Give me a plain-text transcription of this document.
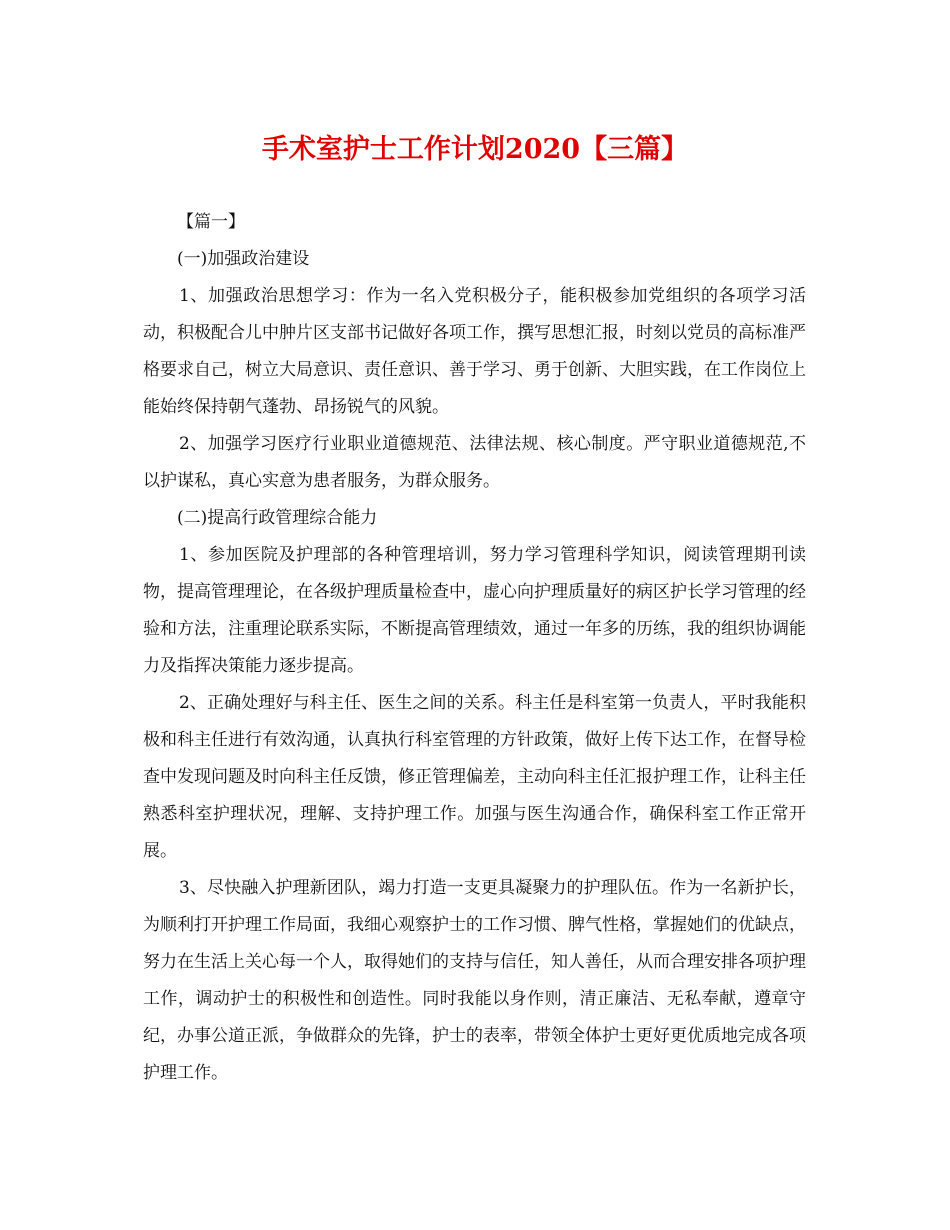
手术室护士工作计划2020【三篇】

【篇一】

(一)加强政治建设

1、加强政治思想学习：作为一名入党积极分子，能积极参加党组织的各项学习活动，积极配合儿中肿片区支部书记做好各项工作，撰写思想汇报，时刻以党员的高标准严格要求自己，树立大局意识、责任意识、善于学习、勇于创新、大胆实践，在工作岗位上能始终保持朝气蓬勃、昂扬锐气的风貌。

2、加强学习医疗行业职业道德规范、法律法规、核心制度。严守职业道德规范,不以护谋私，真心实意为患者服务，为群众服务。

(二)提高行政管理综合能力

1、参加医院及护理部的各种管理培训，努力学习管理科学知识，阅读管理期刊读物，提高管理理论，在各级护理质量检查中，虚心向护理质量好的病区护长学习管理的经验和方法，注重理论联系实际，不断提高管理绩效，通过一年多的历练，我的组织协调能力及指挥决策能力逐步提高。

2、正确处理好与科主任、医生之间的关系。科主任是科室第一负责人，平时我能积极和科主任进行有效沟通，认真执行科室管理的方针政策，做好上传下达工作，在督导检查中发现问题及时向科主任反馈，修正管理偏差，主动向科主任汇报护理工作，让科主任熟悉科室护理状况，理解、支持护理工作。加强与医生沟通合作，确保科室工作正常开展。

3、尽快融入护理新团队，竭力打造一支更具凝聚力的护理队伍。作为一名新护长，为顺利打开护理工作局面，我细心观察护士的工作习惯、脾气性格，掌握她们的优缺点，努力在生活上关心每一个人，取得她们的支持与信任，知人善任，从而合理安排各项护理工作，调动护士的积极性和创造性。同时我能以身作则，清正廉洁、无私奉献，遵章守纪，办事公道正派，争做群众的先锋，护士的表率，带领全体护士更好更优质地完成各项护理工作。
